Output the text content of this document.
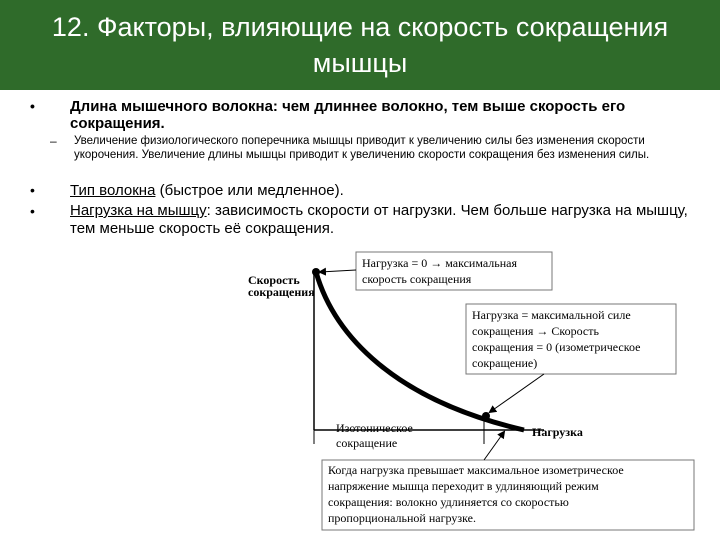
12. Факторы, влияющие на скорость сокращения
мышцы
• Длина мышечного волокна: чем длиннее волокно, тем выше скорость его сокращения.
– Увеличение физиологического поперечника мышцы приводит к увеличению силы без изменения скорости укорочения. Увеличение длины мышцы приводит к увеличению скорости сокращения без изменения силы.
• Тип волокна (быстрое или медленное).
• Нагрузка на мышцу: зависимость скорости от нагрузки. Чем больше нагрузка на мышцу, тем меньше скорость её сокращения.
Скорость
сокращения
Нагрузка
Нагрузка = 0 → максимальная
скорость сокращения
Нагрузка = максимальной силе
сокращения → Скорость
сокращения = 0 (изометрическое
сокращение)
Изотоническое
сокращение
Когда нагрузка превышает максимальное изометрическое
напряжение мышца переходит в удлиняющий режим
сокращения: волокно удлиняется со скоростью
пропорциональной нагрузке.
